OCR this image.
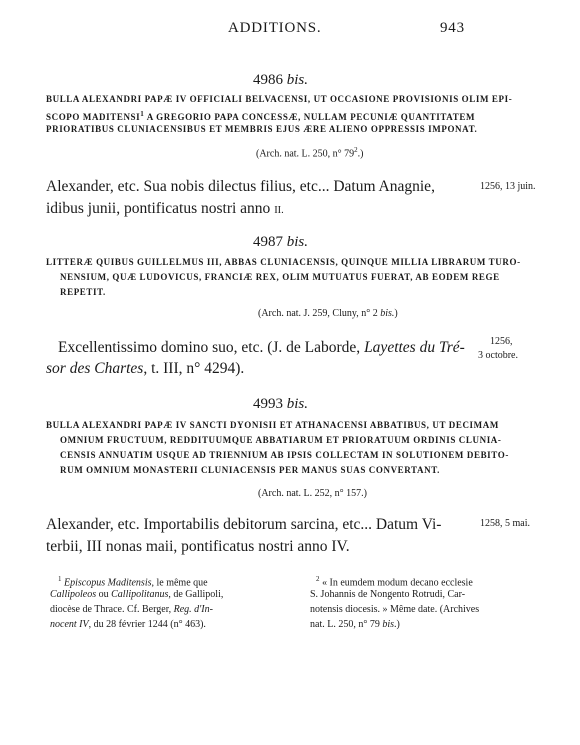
ADDITIONS.	943
4986 bis.
BULLA ALEXANDRI PAPÆ IV OFFICIALI BELVACENSI, UT OCCASIONE PROVISIONIS OLIM EPI-
SCOPO MADITENSI$^1$ A GREGORIO PAPA CONCESSÆ, NULLAM PECUNIÆ QUANTITATEM
PRIORATIBUS CLUNIACENSIBUS ET MEMBRIS EJUS ÆRE ALIENO OPPRESSIS IMPONAT.
(Arch. nat. L. 250, n° $79^2$.)
Alexander, etc. Sua nobis dilectus filius, etc... Datum Anagnie,
idibus junii, pontificatus nostri anno II.
1256, 13 juin.
4987 bis.
LITTERÆ QUIBUS GUILLELMUS III, ABBAS CLUNIACENSIS, QUINQUE MILLIA LIBRARUM TURO-
NENSIUM, QUÆ LUDOVICUS, FRANCIÆ REX, OLIM MUTUATUS FUERAT, AB EODEM REGE
REPETIT.
(Arch. nat. J. 259, Cluny, n° 2 bis.)
Excellentissimo domino suo, etc. (J. de Laborde, Layettes du Tré-
sor des Chartes, t. III, n° 4294).
1256,
3 octobre.
4993 bis.
BULLA ALEXANDRI PAPÆ IV SANCTI DYONISII ET ATHANACENSI ABBATIBUS, UT DECIMAM
OMNIUM FRUCTUUM, REDDITUUMQUE ABBATIARUM ET PRIORATUUM ORDINIS CLUNIA-
CENSIS ANNUATIM USQUE AD TRIENNIUM AB IPSIS COLLECTAM IN SOLUTIONEM DEBITO-
RUM OMNIUM MONASTERII CLUNIACENSIS PER MANUS SUAS CONVERTANT.
(Arch. nat. L. 252, n° 157.)
Alexander, etc. Importabilis debitorum sarcina, etc... Datum Vi-
terbii, III nonas maii, pontificatus nostri anno IV.
1258, 5 mai.
$^1$ Episcopus Maditensis, le même que
Callipoleos ou Callipolitanus, de Gallipoli,
diocèse de Thrace. Cf. Berger, Reg. d'In-
nocent IV, du 28 février 1244 (n° 463).
$^2$ « In eumdem modum decano ecclesie
S. Johannis de Nongento Rotrudi, Car-
notensis diocesis. » Même date. (Archives
nat. L. 250, n° 79 bis.)
